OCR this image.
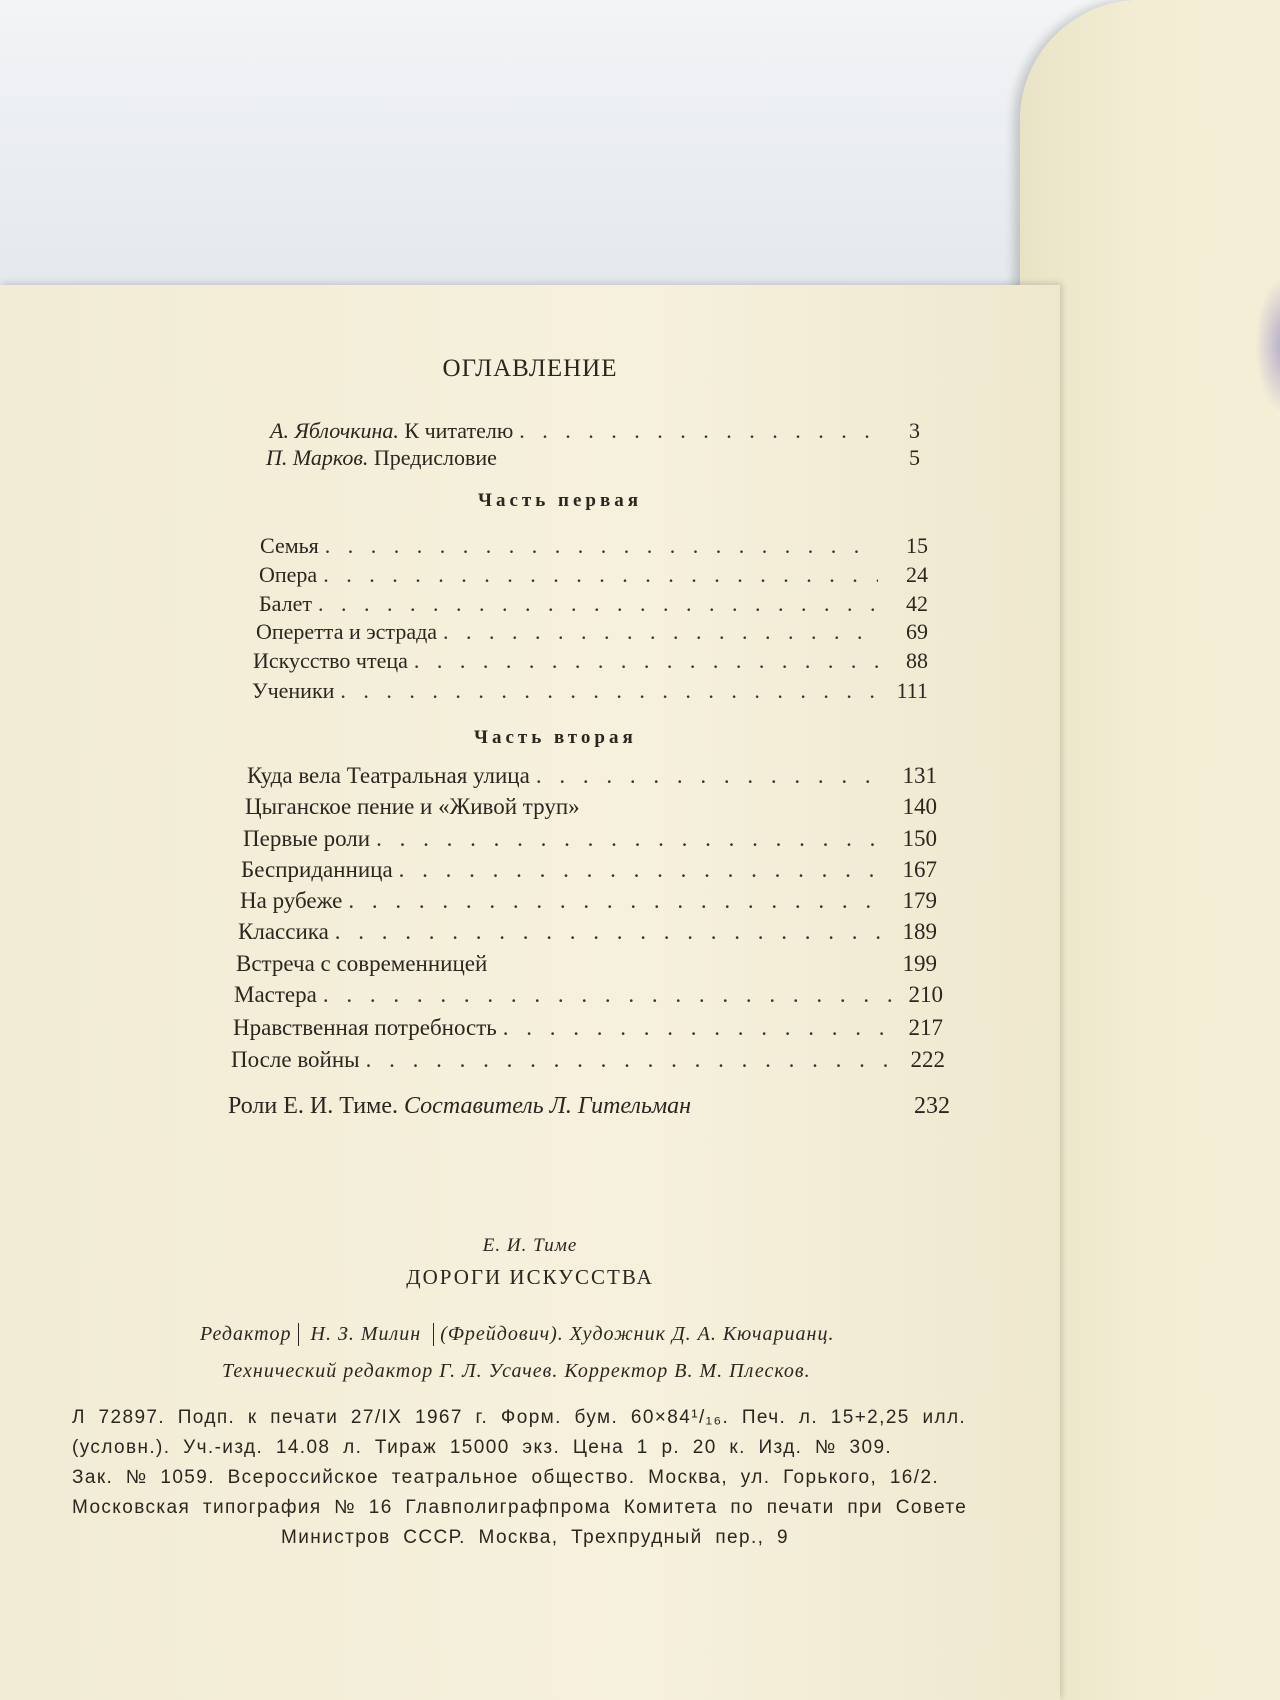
ОГЛАВЛЕНИЕ
А. Яблочкина. К читателю . . .	3
П. Марков. Предисловие	5
Часть первая
Семья . . .	15
Опера . . .	24
Балет . . .	42
Оперетта и эстрада . . .	69
Искусство чтеца . . .	88
Ученики . . .	111
Часть вторая
Куда вела Театральная улица . . .	131
Цыганское пение и «Живой труп»	140
Первые роли . . .	150
Бесприданница . . .	167
На рубеже . . .	179
Классика . . .	189
Встреча с современницей	199
Мастера . . .	210
Нравственная потребность . . .	217
После войны . . .	222
Роли Е. И. Тиме. Составитель Л. Гительман	232
Е. И. Тиме
ДОРОГИ ИСКУССТВА
Редактор Н. З. Милин (Фрейдович). Художник Д. А. Кючарианц.
Технический редактор Г. Л. Усачев. Корректор В. М. Плесков.
Л 72897. Подп. к печати 27/IX 1967 г. Форм. бум. 60×84¹/₁₆. Печ. л. 15+2,25 илл.
(условн.). Уч.-изд. 14.08 л. Тираж 15000 экз. Цена 1 р. 20 к. Изд. № 309.
Зак. № 1059. Всероссийское театральное общество. Москва, ул. Горького, 16/2.
Московская типография № 16 Главполиграфпрома Комитета по печати при Совете
Министров СССР. Москва, Трехпрудный пер., 9
